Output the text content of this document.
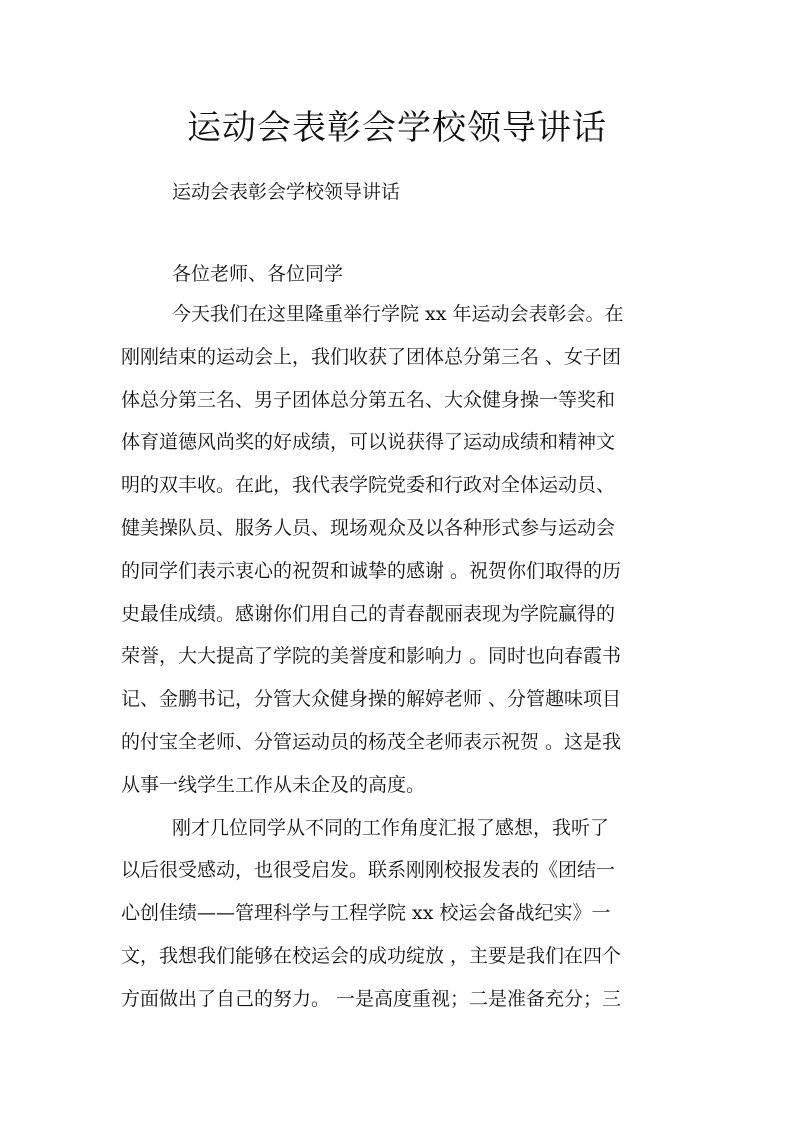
运动会表彰会学校领导讲话
运动会表彰会学校领导讲话
各位老师、各位同学
今天我们在这里隆重举行学院 xx 年运动会表彰会。在
刚刚结束的运动会上，我们收获了团体总分第三名 、女子团
体总分第三名、男子团体总分第五名、大众健身操一等奖和
体育道德风尚奖的好成绩，可以说获得了运动成绩和精神文
明的双丰收。在此，我代表学院党委和行政对全体运动员、
健美操队员、服务人员、现场观众及以各种形式参与运动会
的同学们表示衷心的祝贺和诚挚的感谢 。祝贺你们取得的历
史最佳成绩。感谢你们用自己的青春靓丽表现为学院赢得的
荣誉，大大提高了学院的美誉度和影响力 。同时也向春霞书
记、金鹏书记，分管大众健身操的解婷老师 、分管趣味项目
的付宝全老师、分管运动员的杨茂全老师表示祝贺 。这是我
从事一线学生工作从未企及的高度。
刚才几位同学从不同的工作角度汇报了感想，我听了
以后很受感动，也很受启发。联系刚刚校报发表的《团结一
心创佳绩——管理科学与工程学院 xx 校运会备战纪实》一
文，我想我们能够在校运会的成功绽放 ，主要是我们在四个
方面做出了自己的努力。 一是高度重视；二是准备充分；三
